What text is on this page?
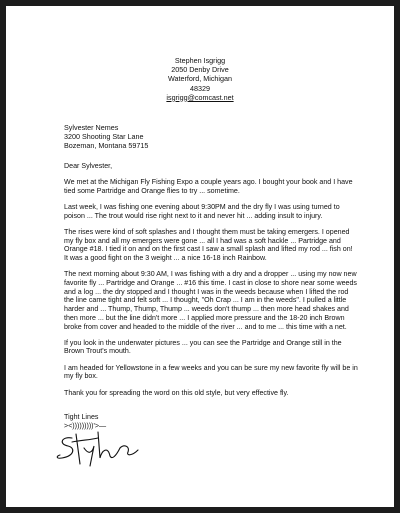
Stephen Isgrigg
2050 Denby Drive
Waterford, Michigan
48329
isgrigg@comcast.net
Sylvester Nemes
3200 Shooting Star Lane
Bozeman, Montana 59715

Dear Sylvester,

We met at the Michigan Fly Fishing Expo a couple years ago. I bought your book and I have tied some Partridge and Orange flies to try ... sometime.

Last week, I was fishing one evening about 9:30PM and the dry fly I was using turned to poison ... The trout would rise right next to it and never hit ... adding insult to injury.

The rises were kind of soft splashes and I thought them must be taking emergers. I opened my fly box and all my emergers were gone ... all I had was a soft hackle ... Partridge and Orange #18. I tied it on and on the first cast I saw a small splash and lifted my rod ... fish on! It was a good fight on the 3 weight ... a nice 16-18 inch Rainbow.

The next morning about 9:30 AM, I was fishing with a dry and a dropper ... using my now new favorite fly ... Partridge and Orange ... #16 this time. I cast in close to shore near some weeds and a log ... the dry stopped and I thought I was in the weeds because when I lifted the rod the line came tight and felt soft ... I thought, "Oh Crap ... I am in the weeds". I pulled a little harder and ... Thump, Thump, Thump ... weeds don't thump ... then more head shakes and then more ... but the line didn't more ... I applied more pressure and the 18-20 inch Brown broke from cover and headed to the middle of the river ... and to me ... this time with a net.

If you look in the underwater pictures ... you can see the Partridge and Orange still in the Brown Trout's mouth.

I am headed for Yellowstone in a few weeks and you can be sure my new favorite fly will be in my fly box.

Thank you for spreading the word on this old style, but very effective fly.

Tight Lines
><)))))))))'>—
